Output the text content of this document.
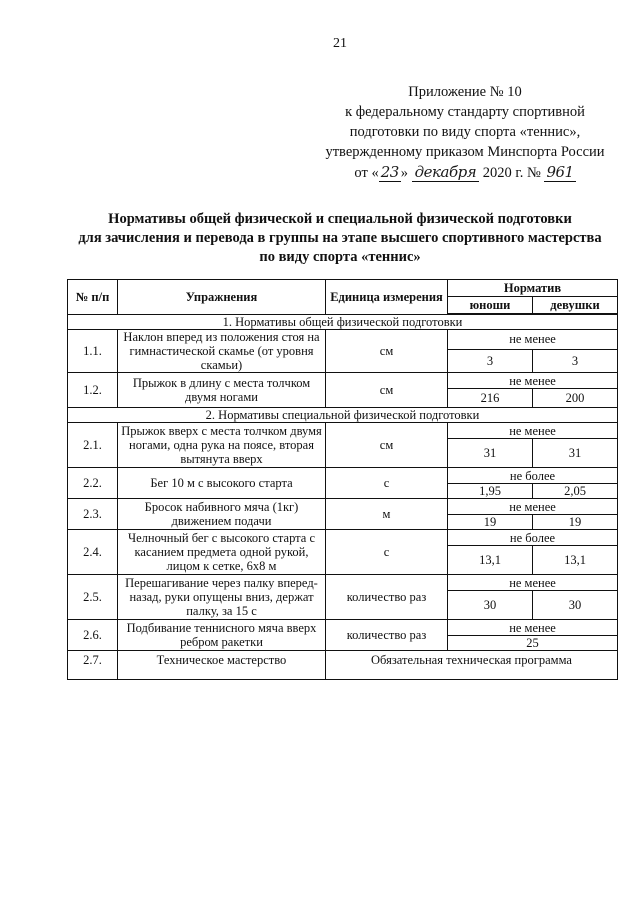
21
Приложение № 10
к федеральному стандарту спортивной
подготовки по виду спорта «теннис»,
утвержденному приказом Минспорта России
от « 23 » декабря 2020 г. № 961
Нормативы общей физической и специальной физической подготовки
для зачисления и перевода в группы на этапе высшего спортивного мастерства
по виду спорта «теннис»
№ п/п	Упражнения	Единица измерения	Норматив	
			юноши	девушки
1. Нормативы общей физической подготовки				
1.1.	Наклон вперед из положения стоя на гимнастической скамье (от уровня скамьи)	см	не менее	
			3	3
1.2.	Прыжок в длину с места толчком двумя ногами	см	не менее	
			216	200
2. Нормативы специальной физической подготовки				
2.1.	Прыжок вверх с места толчком двумя ногами, одна рука на поясе, вторая вытянута вверх	см	не менее	
			31	31
2.2.	Бег 10 м с высокого старта	с	не более	
			1,95	2,05
2.3.	Бросок набивного мяча (1кг) движением подачи	м	не менее	
			19	19
2.4.	Челночный бег с высокого старта с касанием предмета одной рукой, лицом к сетке, 6х8 м	с	не более	
			13,1	13,1
2.5.	Перешагивание через палку вперед-назад, руки опущены вниз, держат палку, за 15 с	количество раз	не менее	
			30	30
2.6.	Подбивание теннисного мяча вверх ребром ракетки	количество раз	не менее	
			25	
2.7.	Техническое мастерство	Обязательная техническая программа		
